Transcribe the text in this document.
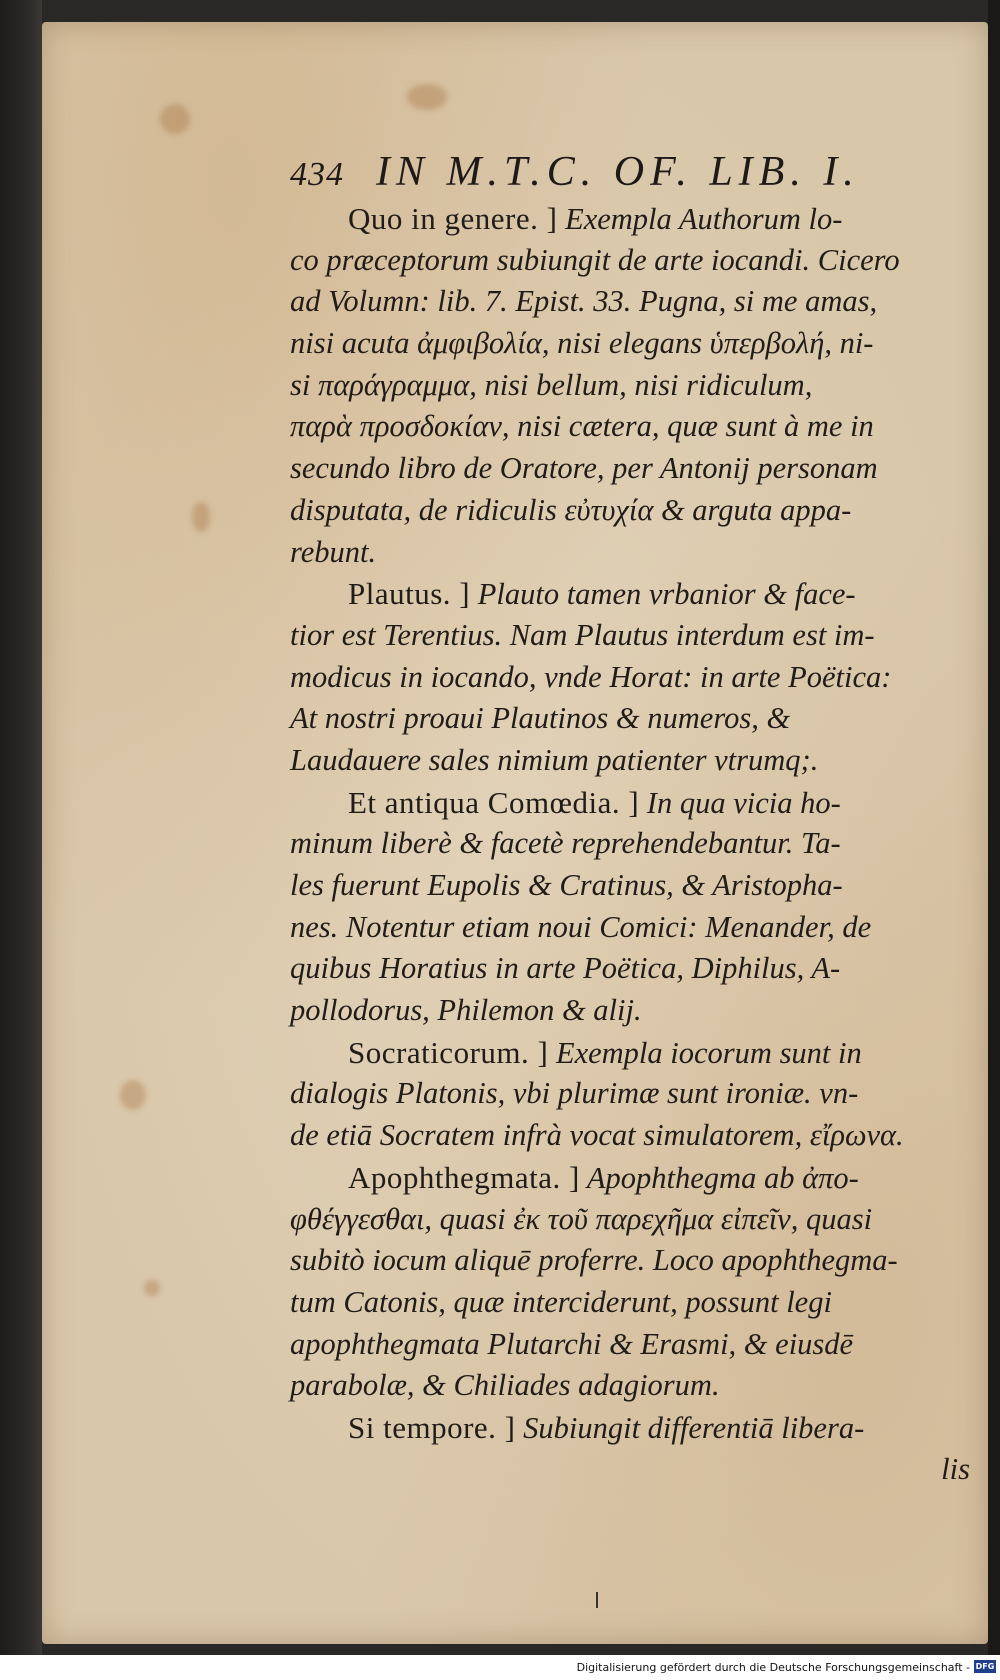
434 IN M.T.C. OF. LIB. I.
Quo in genere. ] Exempla Authorum lo-
co præceptorum subiungit de arte iocandi. Cicero
ad Volumn: lib. 7. Epist. 33. Pugna, si me amas,
nisi acuta ἀμφιβολία, nisi elegans ὑπερβολή, ni-
si παράγραμμα, nisi bellum, nisi ridiculum,
παρὰ προσδοκίαν, nisi cætera, quæ sunt à me in
secundo libro de Oratore, per Antonij personam
disputata, de ridiculis εὐτυχία & arguta appa-
rebunt.
Plautus. ] Plauto tamen vrbanior & face-
tior est Terentius. Nam Plautus interdum est im-
modicus in iocando, vnde Horat: in arte Poëtica:
At nostri proaui Plautinos & numeros, &
Laudauere sales nimium patienter vtrumq;.
Et antiqua Comœdia. ] In qua vicia ho-
minum liberè & facetè reprehendebantur. Ta-
les fuerunt Eupolis & Cratinus, & Aristopha-
nes. Notentur etiam noui Comici: Menander, de
quibus Horatius in arte Poëtica, Diphilus, A-
pollodorus, Philemon & alij.
Socraticorum. ] Exempla iocorum sunt in
dialogis Platonis, vbi plurimæ sunt ironiæ. vn-
de etiā Socratem infrà vocat simulatorem, εἴρωνα.
Apophthegmata. ] Apophthegma ab ἀπο-
φθέγγεσθαι, quasi ἐκ τοῦ παρεχῆμα εἰπεῖν, quasi
subitò iocum aliquē proferre. Loco apophthegma-
tum Catonis, quæ interciderunt, possunt legi
apophthegmata Plutarchi & Erasmi, & eiusdē
parabolæ, & Chiliades adagiorum.
Si tempore. ] Subiungit differentiā libera-
lis
Digitalisierung gefördert durch die Deutsche Forschungsgemeinschaft - DFG
